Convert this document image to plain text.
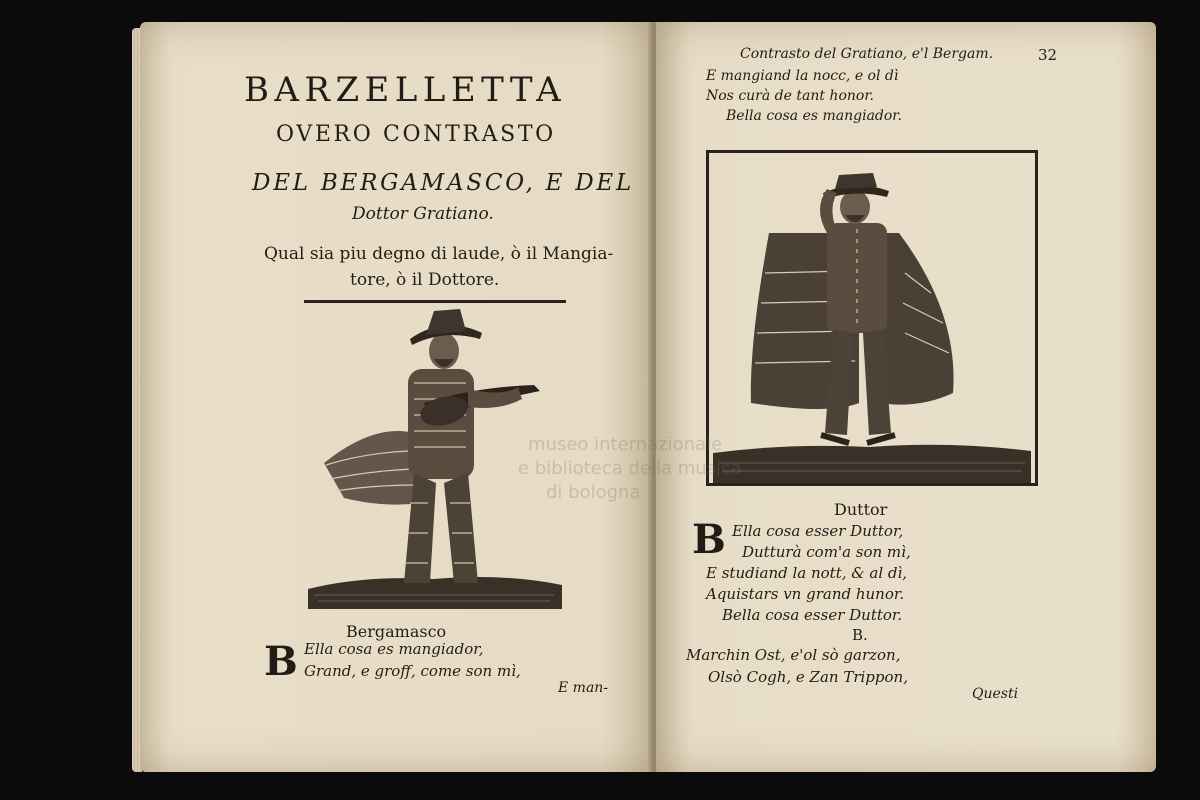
BARZELLETTA
OVERO CONTRASTO
DEL BERGAMASCO, E DEL
Dottor Gratiano.
Qual sia piu degno di laude, ò il Mangia-
tore, ò il Dottore.
Bergamasco
B Ella cosa es mangiador,
Grand, e groff, come son mì,
E man-
Contrasto del Gratiano, e'l Bergam.	32
E mangiand la nocc, e ol dì
Nos curà de tant honor.
Bella cosa es mangiador.
Duttor
B Ella cosa esser Duttor,
Dutturà com'a son mì,
E studiand la nott, & al dì,
Aquistars vn grand hunor.
Bella cosa esser Duttor.
B.
Marchin Ost, e'ol sò garzon,
Olsò Cogh, e Zan Trippon,
Questi
museo internazionale
e biblioteca della musica
di bologna
